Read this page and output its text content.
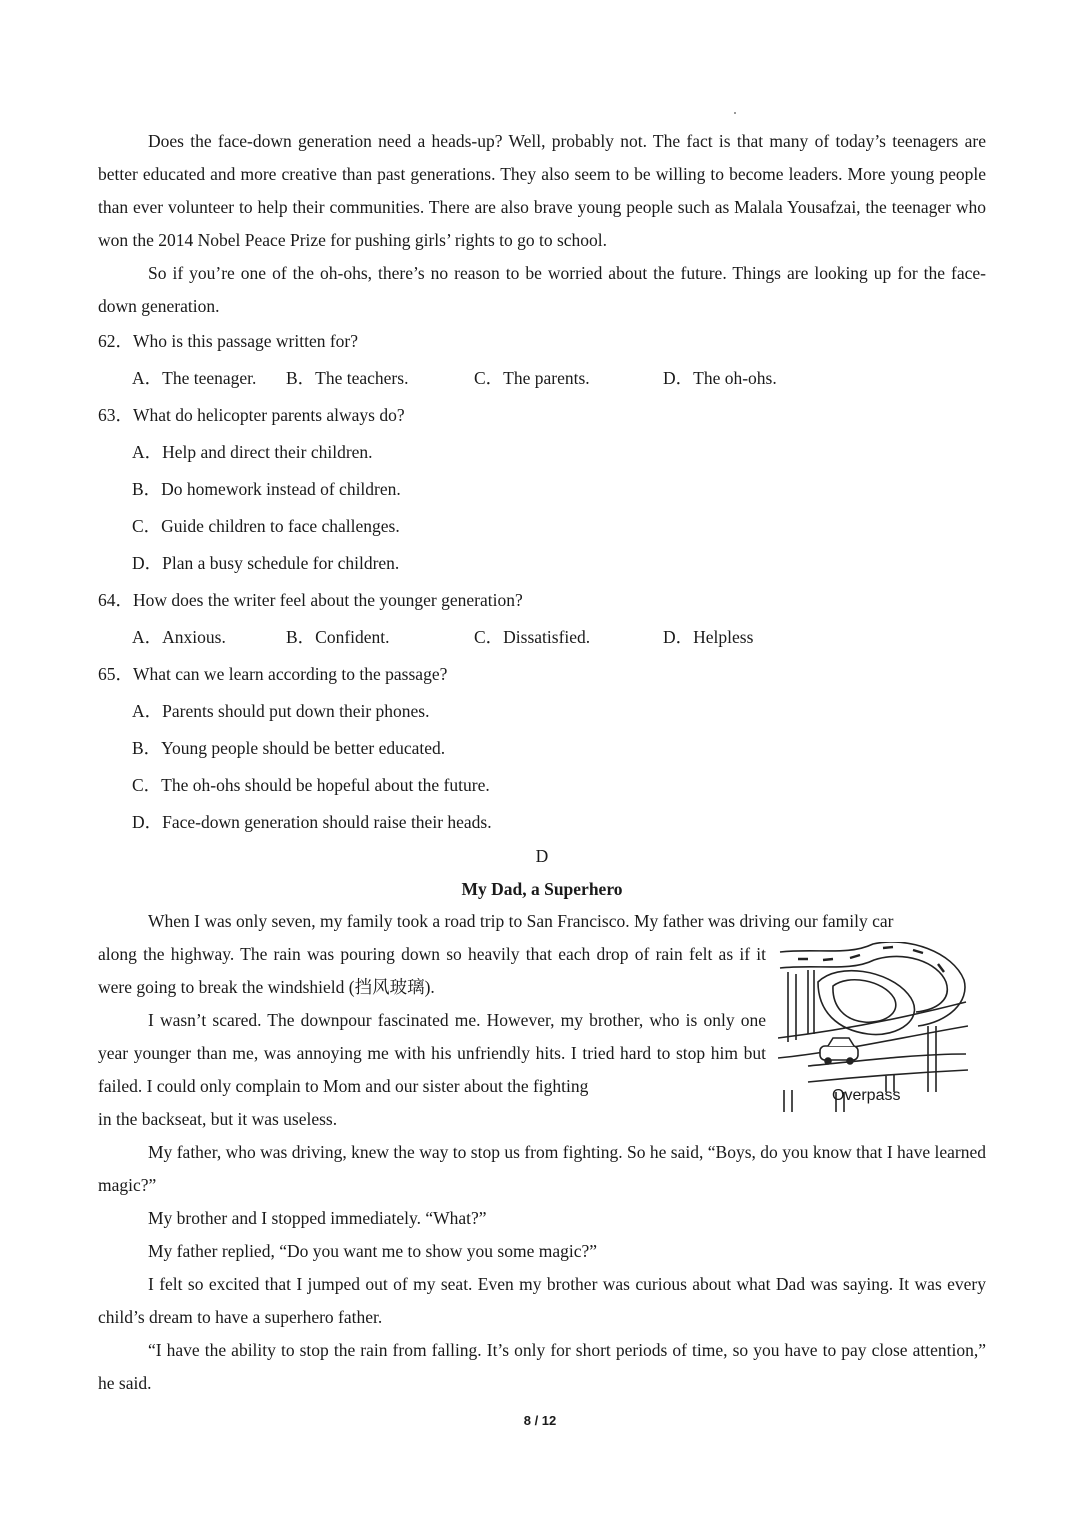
Does the face-down generation need a heads-up? Well, probably not. The fact is that many of today’s teenagers are better educated and more creative than past generations. They also seem to be willing to become leaders. More young people than ever volunteer to help their communities. There are also brave young people such as Malala Yousafzai, the teenager who won the 2014 Nobel Peace Prize for pushing girls’ rights to go to school.

So if you’re one of the oh-ohs, there’s no reason to be worried about the future. Things are looking up for the face-down generation.

62．Who is this passage written for?

A．The teenager. B．The teachers.	C．The parents.	D．The oh-ohs.

63．What do helicopter parents always do?

A．Help and direct their children.

B．Do homework instead of children.

C．Guide children to face challenges.

D．Plan a busy schedule for children.

64．How does the writer feel about the younger generation?

A．Anxious.	B．Confident.	C．Dissatisfied.	D．Helpless

65．What can we learn according to the passage?

A．Parents should put down their phones.

B．Young people should be better educated.

C．The oh-ohs should be hopeful about the future.

D．Face-down generation should raise their heads.

D

My Dad, a Superhero

When I was only seven, my family took a road trip to San Francisco. My father was driving our family car

along the highway. The rain was pouring down so heavily that each drop of rain felt as if it were going to break the windshield (挡风玻璃).

I wasn’t scared. The downpour fascinated me. However, my brother, who is only one year younger than me, was annoying me with his unfriendly hits. I tried hard to stop him but failed. I could only complain to Mom and our sister about the fighting

in the backseat, but it was useless.

My father, who was driving, knew the way to stop us from fighting. So he said, “Boys, do you know that I have learned magic?”

My brother and I stopped immediately. “What?”

My father replied, “Do you want me to show you some magic?”

I felt so excited that I jumped out of my seat. Even my brother was curious about what Dad was saying. It was every child’s dream to have a superhero father.

“I have the ability to stop the rain from falling. It’s only for short periods of time, so you have to pay close attention,” he said.

Overpass
8 / 12
